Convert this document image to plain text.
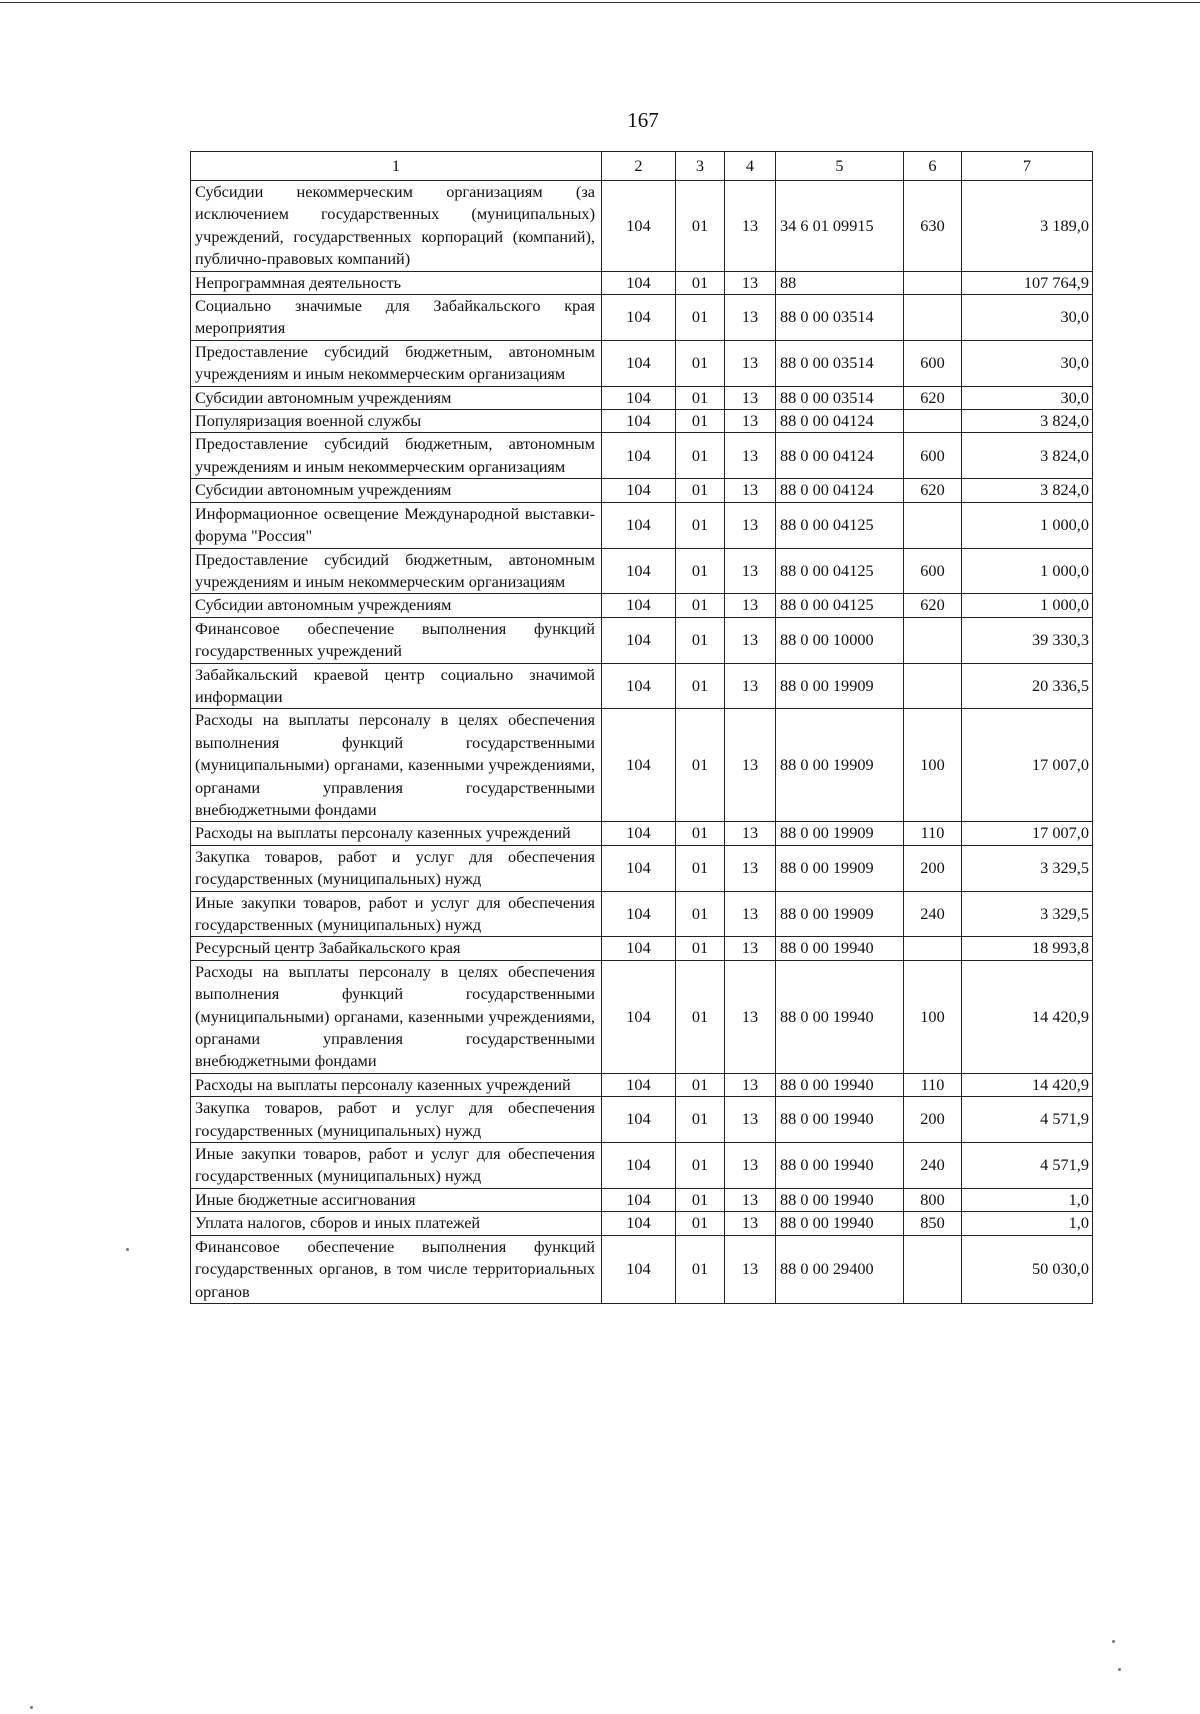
167
1	2	3	4	5	6	7
Субсидии некоммерческим организациям (за исключением государственных (муниципальных) учреждений, государственных корпораций (компаний), публично-правовых компаний)	104	01	13	34 6 01 09915	630	3 189,0
Непрограммная деятельность	104	01	13	88		107 764,9
Социально значимые для Забайкальского края мероприятия	104	01	13	88 0 00 03514		30,0
Предоставление субсидий бюджетным, автономным учреждениям и иным некоммерческим организациям	104	01	13	88 0 00 03514	600	30,0
Субсидии автономным учреждениям	104	01	13	88 0 00 03514	620	30,0
Популяризация военной службы	104	01	13	88 0 00 04124		3 824,0
Предоставление субсидий бюджетным, автономным учреждениям и иным некоммерческим организациям	104	01	13	88 0 00 04124	600	3 824,0
Субсидии автономным учреждениям	104	01	13	88 0 00 04124	620	3 824,0
Информационное освещение Международной выставки-форума "Россия"	104	01	13	88 0 00 04125		1 000,0
Предоставление субсидий бюджетным, автономным учреждениям и иным некоммерческим организациям	104	01	13	88 0 00 04125	600	1 000,0
Субсидии автономным учреждениям	104	01	13	88 0 00 04125	620	1 000,0
Финансовое обеспечение выполнения функций государственных учреждений	104	01	13	88 0 00 10000		39 330,3
Забайкальский краевой центр социально значимой информации	104	01	13	88 0 00 19909		20 336,5
Расходы на выплаты персоналу в целях обеспечения выполнения функций государственными (муниципальными) органами, казенными учреждениями, органами управления государственными внебюджетными фондами	104	01	13	88 0 00 19909	100	17 007,0
Расходы на выплаты персоналу казенных учреждений	104	01	13	88 0 00 19909	110	17 007,0
Закупка товаров, работ и услуг для обеспечения государственных (муниципальных) нужд	104	01	13	88 0 00 19909	200	3 329,5
Иные закупки товаров, работ и услуг для обеспечения государственных (муниципальных) нужд	104	01	13	88 0 00 19909	240	3 329,5
Ресурсный центр Забайкальского края	104	01	13	88 0 00 19940		18 993,8
Расходы на выплаты персоналу в целях обеспечения выполнения функций государственными (муниципальными) органами, казенными учреждениями, органами управления государственными внебюджетными фондами	104	01	13	88 0 00 19940	100	14 420,9
Расходы на выплаты персоналу казенных учреждений	104	01	13	88 0 00 19940	110	14 420,9
Закупка товаров, работ и услуг для обеспечения государственных (муниципальных) нужд	104	01	13	88 0 00 19940	200	4 571,9
Иные закупки товаров, работ и услуг для обеспечения государственных (муниципальных) нужд	104	01	13	88 0 00 19940	240	4 571,9
Иные бюджетные ассигнования	104	01	13	88 0 00 19940	800	1,0
Уплата налогов, сборов и иных платежей	104	01	13	88 0 00 19940	850	1,0
Финансовое обеспечение выполнения функций государственных органов, в том числе территориальных органов	104	01	13	88 0 00 29400		50 030,0
